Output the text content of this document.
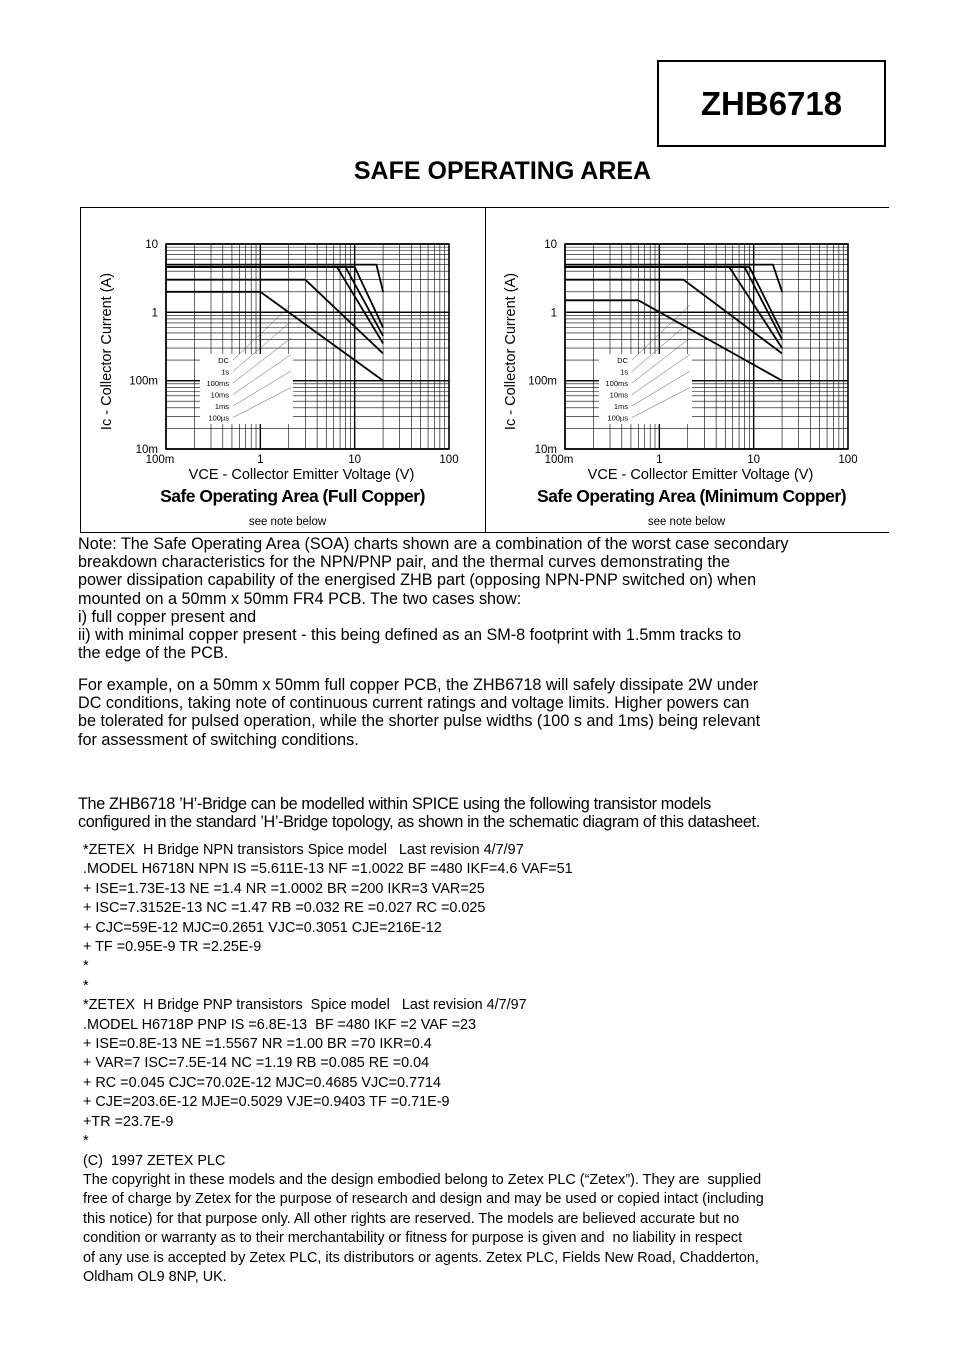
ZHB6718
SAFE OPERATING AREA
DC
1s
100ms
10ms
1ms
100µs
10
1
100m
10m
100m	1	10	100
Ic - Collector Current (A)
VCE - Collector Emitter Voltage (V)
Safe Operating Area (Full Copper)
see note below
DC
1s
100ms
10ms
1ms
100µs
10
1
100m
10m
100m	1	10	100
Ic - Collector Current (A)
VCE - Collector Emitter Voltage (V)
Safe Operating Area (Minimum Copper)
see note below
Note: The Safe Operating Area (SOA) charts shown are a combination of the worst case secondary
breakdown characteristics for the NPN/PNP pair, and the thermal curves demonstrating the
power dissipation capability of the energised ZHB part (opposing NPN-PNP switched on) when
mounted on a 50mm x 50mm FR4 PCB. The two cases show:
i) full copper present and
ii) with minimal copper present - this being defined as an SM-8 footprint with 1.5mm tracks to
the edge of the PCB.
For example, on a 50mm x 50mm full copper PCB, the ZHB6718 will safely dissipate 2W under
DC conditions, taking note of continuous current ratings and voltage limits. Higher powers can
be tolerated for pulsed operation, while the shorter pulse widths (100 s and 1ms) being relevant
for assessment of switching conditions.
The ZHB6718 ’H’-Bridge can be modelled within SPICE using the following transistor models
configured in the standard ’H’-Bridge topology, as shown in the schematic diagram of this datasheet.
*ZETEX  H Bridge NPN transistors Spice model   Last revision 4/7/97
.MODEL H6718N NPN IS =5.611E-13 NF =1.0022 BF =480 IKF=4.6 VAF=51
+ ISE=1.73E-13 NE =1.4 NR =1.0002 BR =200 IKR=3 VAR=25
+ ISC=7.3152E-13 NC =1.47 RB =0.032 RE =0.027 RC =0.025
+ CJC=59E-12 MJC=0.2651 VJC=0.3051 CJE=216E-12
+ TF =0.95E-9 TR =2.25E-9
*
*
*ZETEX  H Bridge PNP transistors  Spice model   Last revision 4/7/97
.MODEL H6718P PNP IS =6.8E-13  BF =480 IKF =2 VAF =23
+ ISE=0.8E-13 NE =1.5567 NR =1.00 BR =70 IKR=0.4
+ VAR=7 ISC=7.5E-14 NC =1.19 RB =0.085 RE =0.04
+ RC =0.045 CJC=70.02E-12 MJC=0.4685 VJC=0.7714
+ CJE=203.6E-12 MJE=0.5029 VJE=0.9403 TF =0.71E-9
+TR =23.7E-9
*
(C)  1997 ZETEX PLC
The copyright in these models and the design embodied belong to Zetex PLC (“Zetex”). They are  supplied
free of charge by Zetex for the purpose of research and design and may be used or copied intact (including
this notice) for that purpose only. All other rights are reserved. The models are believed accurate but no
condition or warranty as to their merchantability or fitness for purpose is given and  no liability in respect
of any use is accepted by Zetex PLC, its distributors or agents. Zetex PLC, Fields New Road, Chadderton,
Oldham OL9 8NP, UK.
